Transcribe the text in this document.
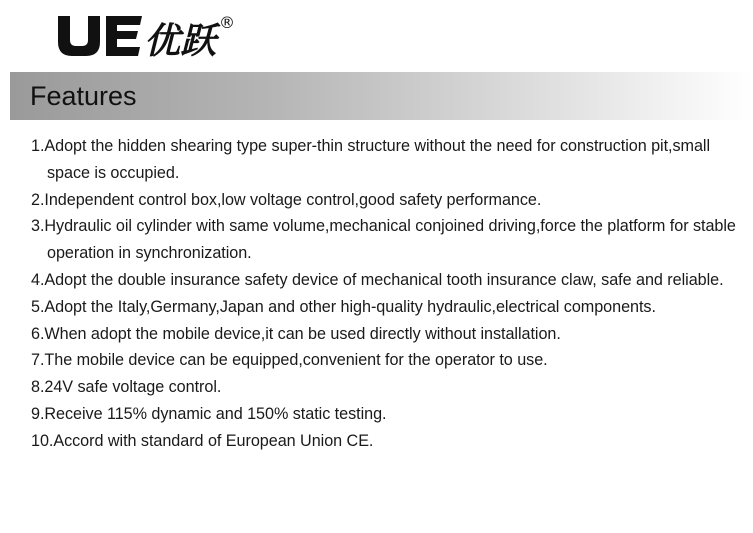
优跃 ®
Features
1.Adopt the hidden shearing type super-thin structure without the need for construction pit,small space is occupied.
2.Independent control box,low voltage control,good safety performance.
3.Hydraulic oil cylinder with same volume,mechanical conjoined driving,force the platform for stable operation in synchronization.
4.Adopt the double insurance safety device of mechanical tooth insurance claw, safe and reliable.
5.Adopt the Italy,Germany,Japan and other high-quality hydraulic,electrical components.
6.When adopt the mobile device,it can be used directly without installation.
7.The mobile device can be equipped,convenient for the operator to use.
8.24V safe voltage control.
9.Receive 115% dynamic and 150% static testing.
10.Accord with standard of European Union CE.
